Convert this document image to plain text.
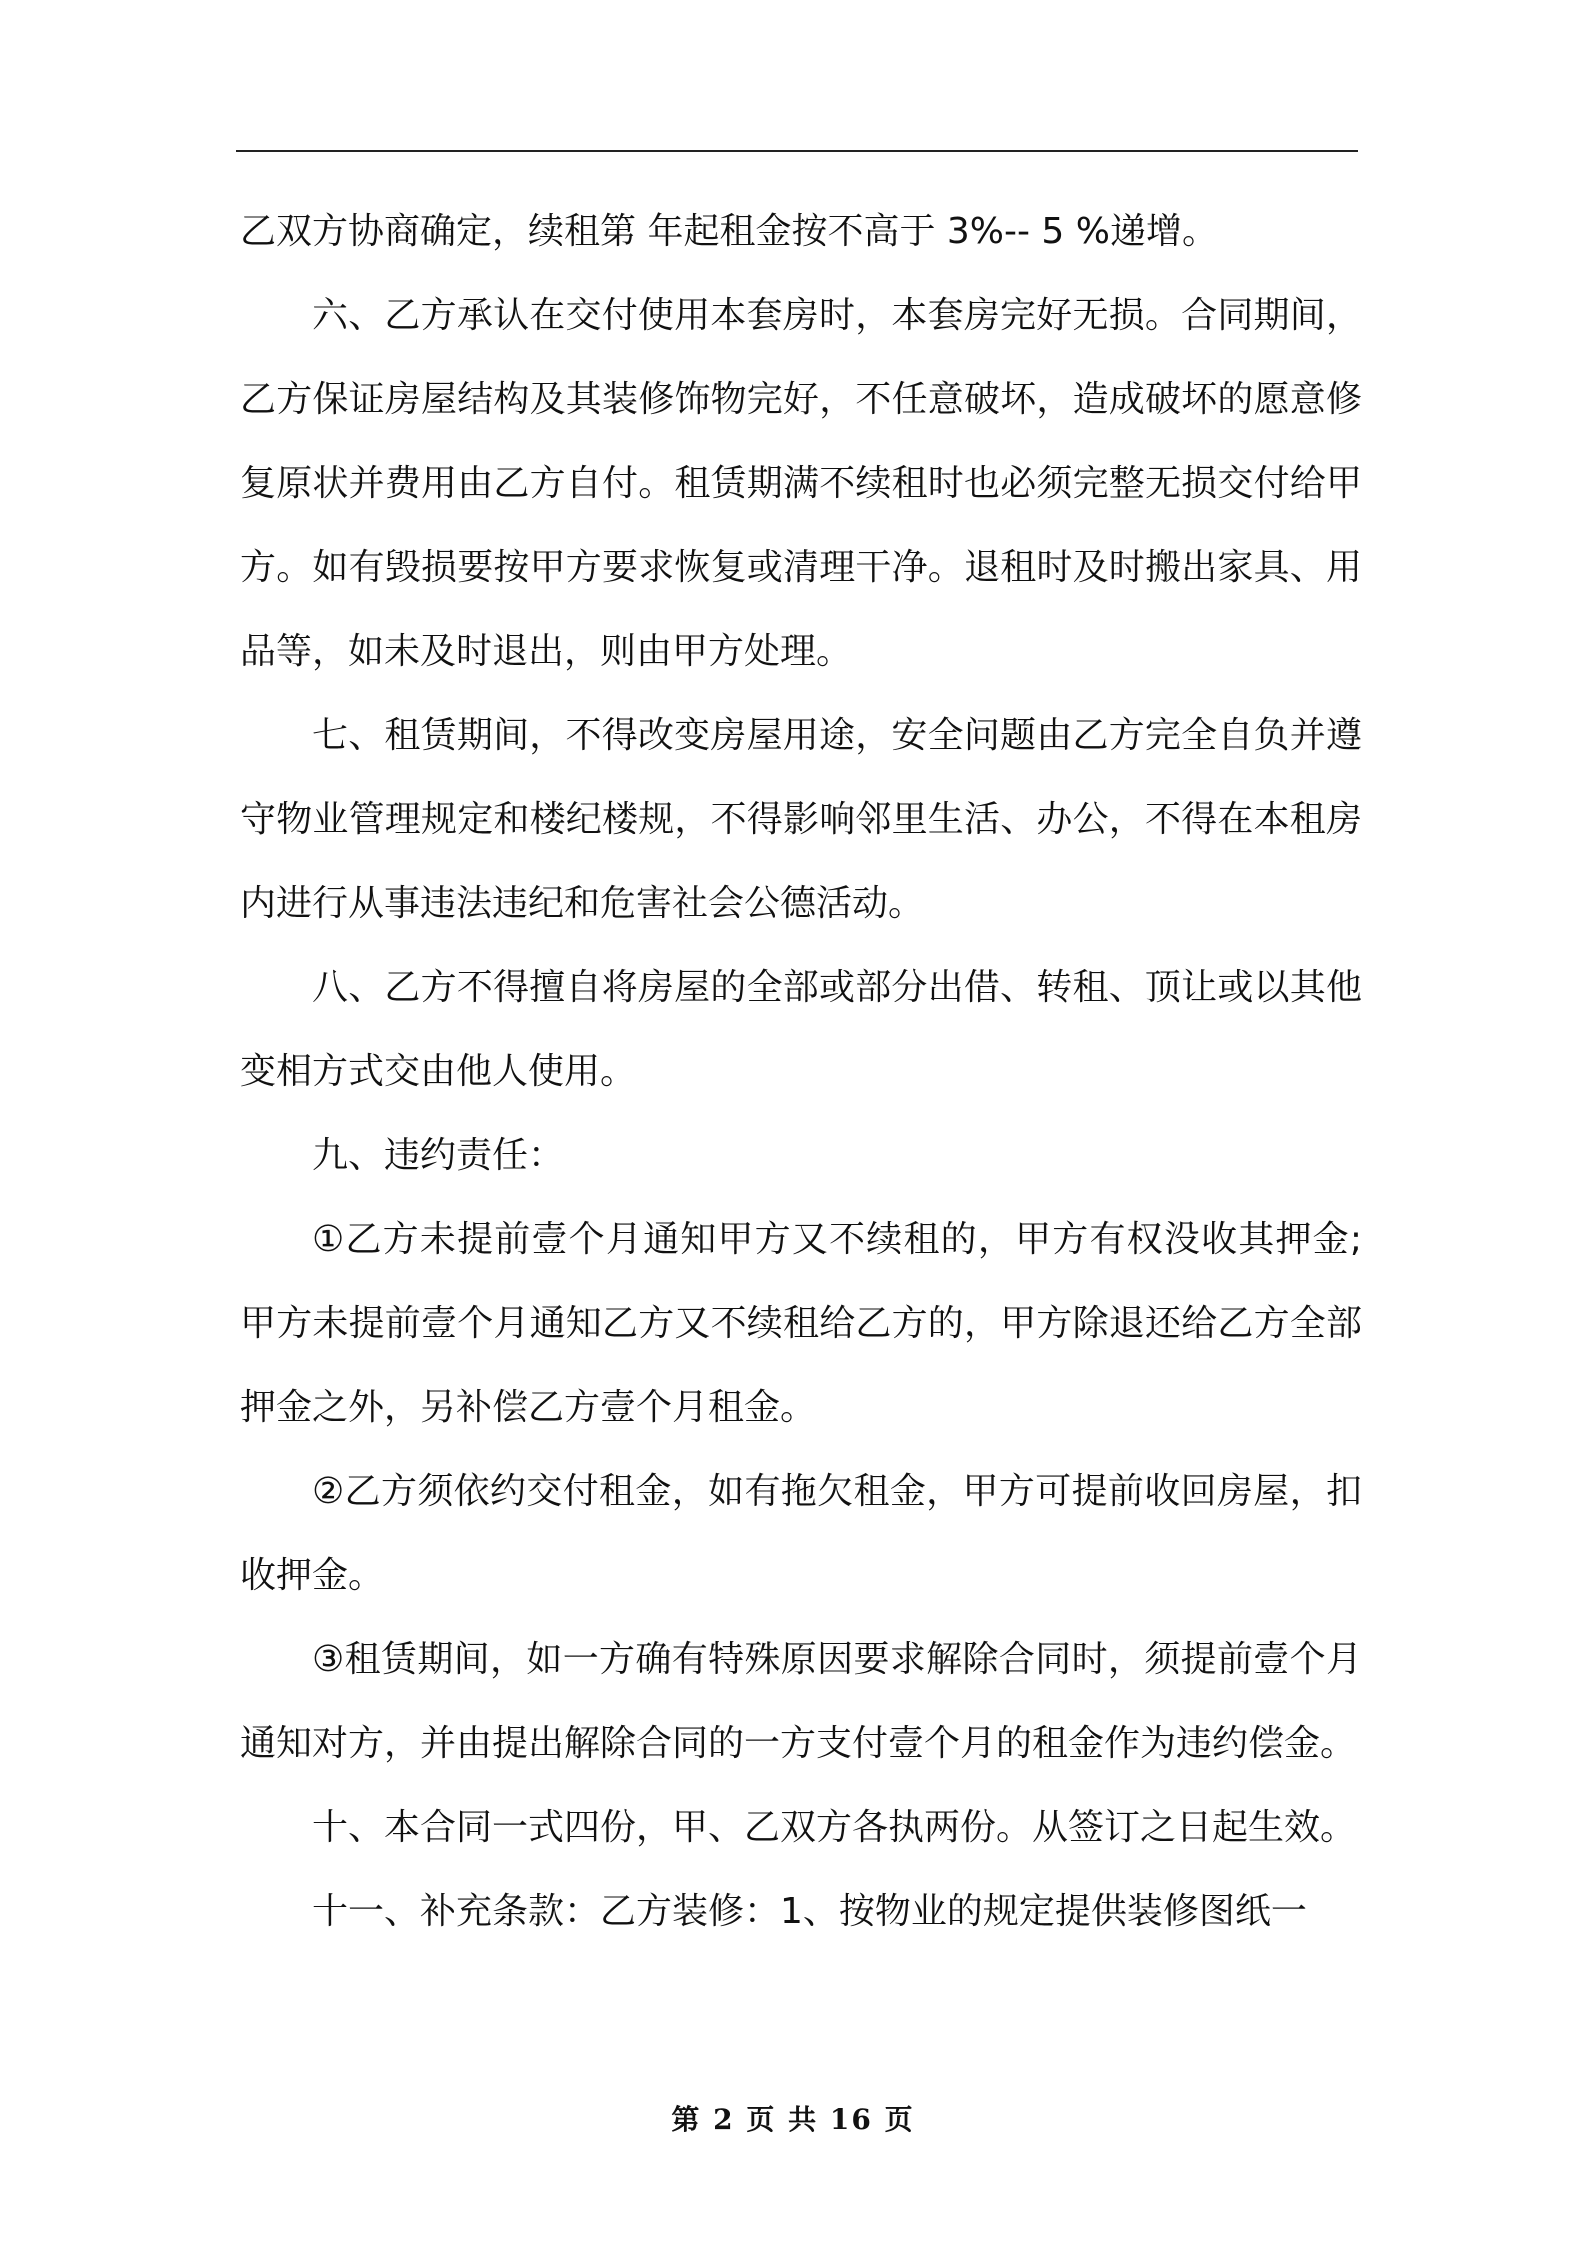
乙双方协商确定，续租第 年起租金按不高于 3%-- 5 %递增。

六、乙方承认在交付使用本套房时，本套房完好无损。合同期间，乙方保证房屋结构及其装修饰物完好，不任意破坏，造成破坏的愿意修复原状并费用由乙方自付。租赁期满不续租时也必须完整无损交付给甲方。如有毁损要按甲方要求恢复或清理干净。退租时及时搬出家具、用品等，如未及时退出，则由甲方处理。

七、租赁期间，不得改变房屋用途，安全问题由乙方完全自负并遵守物业管理规定和楼纪楼规，不得影响邻里生活、办公，不得在本租房内进行从事违法违纪和危害社会公德活动。

八、乙方不得擅自将房屋的全部或部分出借、转租、顶让或以其他变相方式交由他人使用。

九、违约责任：

①乙方未提前壹个月通知甲方又不续租的，甲方有权没收其押金;甲方未提前壹个月通知乙方又不续租给乙方的，甲方除退还给乙方全部押金之外，另补偿乙方壹个月租金。

②乙方须依约交付租金，如有拖欠租金，甲方可提前收回房屋，扣收押金。

③租赁期间，如一方确有特殊原因要求解除合同时，须提前壹个月通知对方，并由提出解除合同的一方支付壹个月的租金作为违约偿金。

十、本合同一式四份，甲、乙双方各执两份。从签订之日起生效。

十一、补充条款：乙方装修：1、按物业的规定提供装修图纸一

第 2 页 共 16 页
